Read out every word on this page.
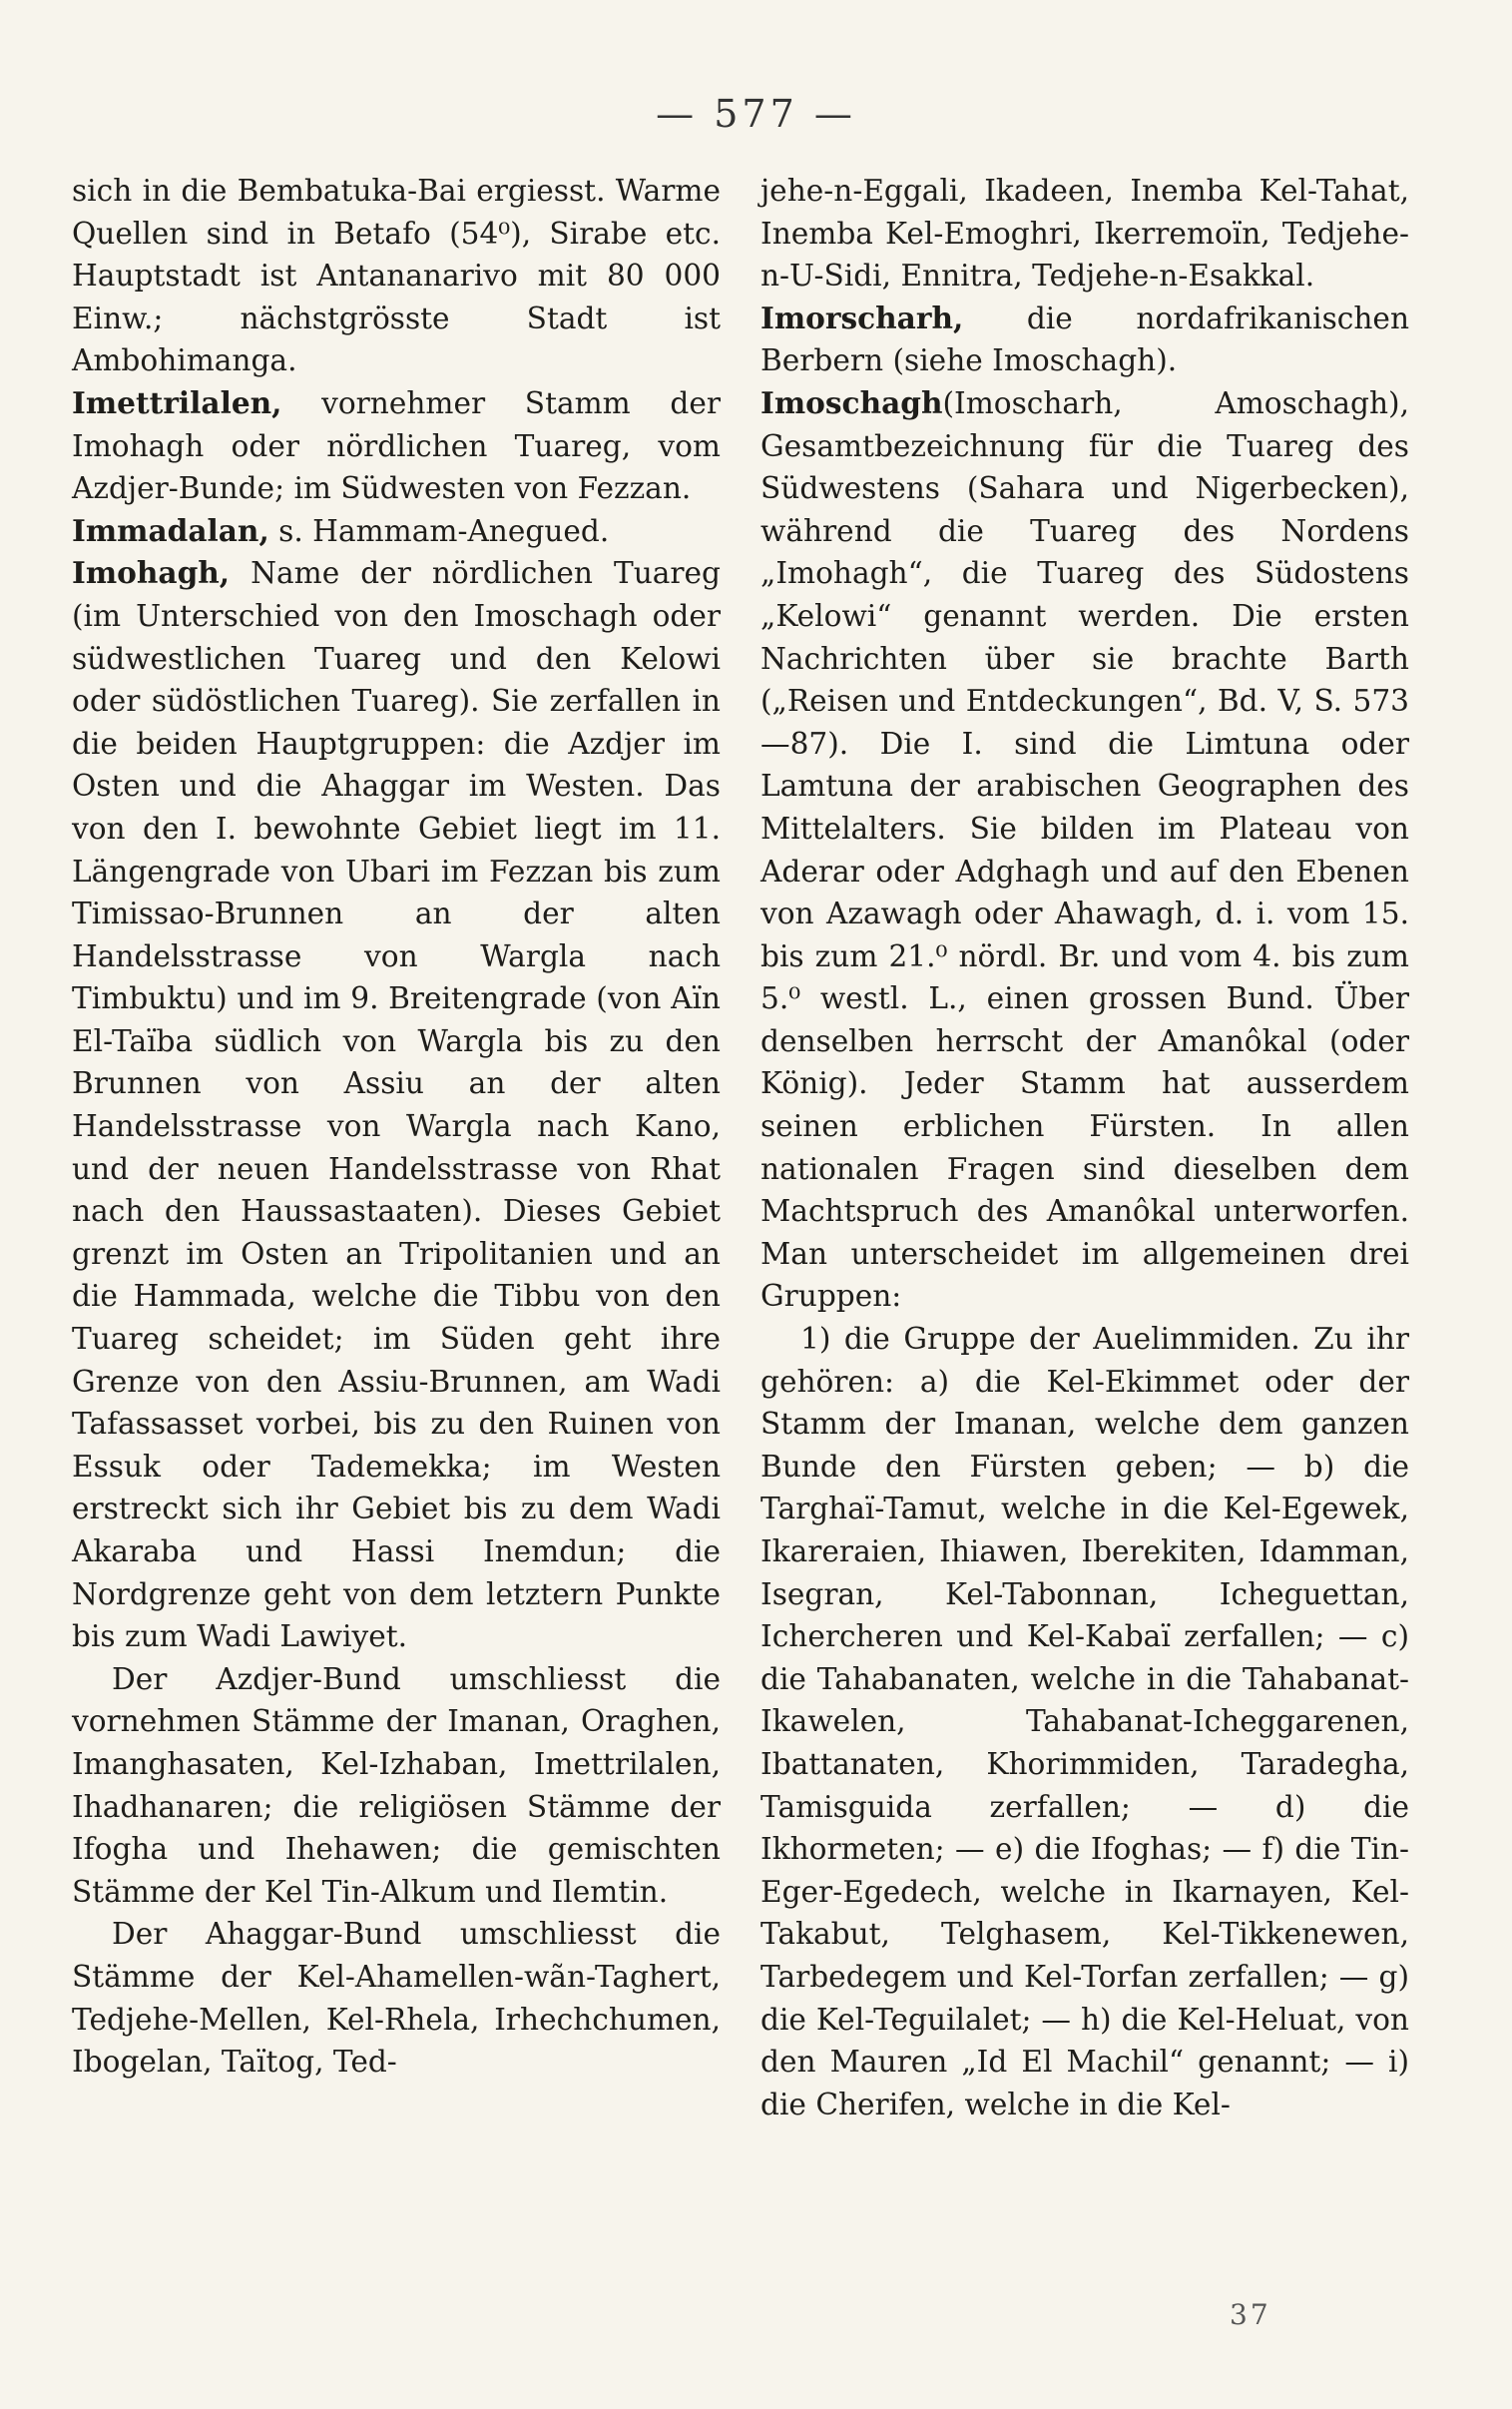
— 577 —

sich in die Bembatuka-Bai ergiesst. Warme Quellen sind in Betafo (54⁰), Sirabe etc. Hauptstadt ist Antananarivo mit 80 000 Einw.; nächstgrösste Stadt ist Ambohimanga.

Imettrilalen, vornehmer Stamm der Imohagh oder nördlichen Tuareg, vom Azdjer-Bunde; im Südwesten von Fezzan.

Immadalan, s. Hammam-Anegued.

Imohagh, Name der nördlichen Tuareg (im Unterschied von den Imoschagh oder südwestlichen Tuareg und den Kelowi oder südöstlichen Tuareg). Sie zerfallen in die beiden Hauptgruppen: die Azdjer im Osten und die Ahaggar im Westen. Das von den I. bewohnte Gebiet liegt im 11. Längengrade von Ubari im Fezzan bis zum Timissao-Brunnen an der alten Handelsstrasse von Wargla nach Timbuktu) und im 9. Breitengrade (von Aïn El-Taïba südlich von Wargla bis zu den Brunnen von Assiu an der alten Handelsstrasse von Wargla nach Kano, und der neuen Handelsstrasse von Rhat nach den Haussastaaten). Dieses Gebiet grenzt im Osten an Tripolitanien und an die Hammada, welche die Tibbu von den Tuareg scheidet; im Süden geht ihre Grenze von den Assiu-Brunnen, am Wadi Tafassasset vorbei, bis zu den Ruinen von Essuk oder Tademekka; im Westen erstreckt sich ihr Gebiet bis zu dem Wadi Akaraba und Hassi Inemdun; die Nordgrenze geht von dem letztern Punkte bis zum Wadi Lawiyet.

Der Azdjer-Bund umschliesst die vornehmen Stämme der Imanan, Oraghen, Imanghasaten, Kel-Izhaban, Imettrilalen, Ihadhanaren; die religiösen Stämme der Ifogha und Ihehawen; die gemischten Stämme der Kel Tin-Alkum und Ilemtin.

Der Ahaggar-Bund umschliesst die Stämme der Kel-Ahamellen-wãn-Taghert, Tedjehe-Mellen, Kel-Rhela, Irhechchumen, Ibogelan, Taïtog, Ted-

jehe-n-Eggali, Ikadeen, Inemba Kel-Tahat, Inemba Kel-Emoghri, Ikerremoïn, Tedjehe-n-U-Sidi, Ennitra, Tedjehe-n-Esakkal.

Imorscharh, die nordafrikanischen Berbern (siehe Imoschagh).

Imoschagh(Imoscharh, Amoschagh), Gesamtbezeichnung für die Tuareg des Südwestens (Sahara und Nigerbecken), während die Tuareg des Nordens „Imohagh“, die Tuareg des Südostens „Kelowi“ genannt werden. Die ersten Nachrichten über sie brachte Barth („Reisen und Entdeckungen“, Bd. V, S. 573—87). Die I. sind die Limtuna oder Lamtuna der arabischen Geographen des Mittelalters. Sie bilden im Plateau von Aderar oder Adghagh und auf den Ebenen von Azawagh oder Ahawagh, d. i. vom 15. bis zum 21.⁰ nördl. Br. und vom 4. bis zum 5.⁰ westl. L., einen grossen Bund. Über denselben herrscht der Amanôkal (oder König). Jeder Stamm hat ausserdem seinen erblichen Fürsten. In allen nationalen Fragen sind dieselben dem Machtspruch des Amanôkal unterworfen. Man unterscheidet im allgemeinen drei Gruppen:

1) die Gruppe der Auelimmiden. Zu ihr gehören: a) die Kel-Ekimmet oder der Stamm der Imanan, welche dem ganzen Bunde den Fürsten geben; — b) die Targhaï-Tamut, welche in die Kel-Egewek, Ikareraien, Ihiawen, Iberekiten, Idamman, Isegran, Kel-Tabonnan, Icheguettan, Ichercheren und Kel-Kabaï zerfallen; — c) die Tahabanaten, welche in die Tahabanat-Ikawelen, Tahabanat-Icheggarenen, Ibattanaten, Khorimmiden, Taradegha, Tamisguida zerfallen; — d) die Ikhormeten; — e) die Ifoghas; — f) die Tin-Eger-Egedech, welche in Ikarnayen, Kel-Takabut, Telghasem, Kel-Tikkenewen, Tarbedegem und Kel-Torfan zerfallen; — g) die Kel-Teguilalet; — h) die Kel-Heluat, von den Mauren „Id El Machil“ genannt; — i) die Cherifen, welche in die Kel-

37
